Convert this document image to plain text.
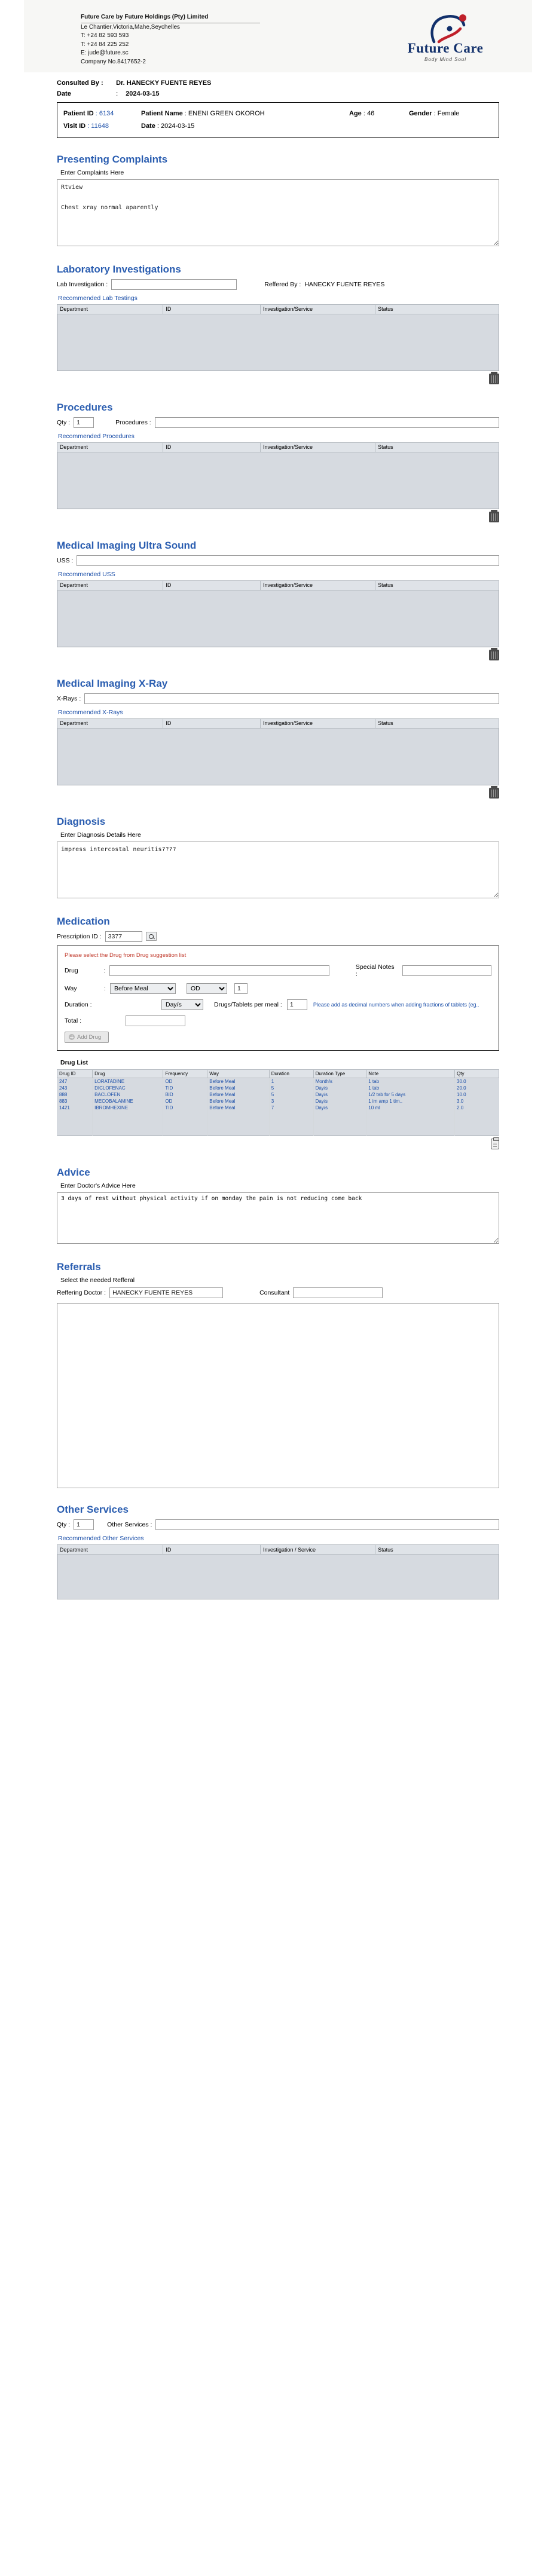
Future Care by Future Holdings (Pty) Limited
Le Chantier,Victoria,Mahe,Seychelles
T: +24 82 593 593
T: +24 84 225 252
E: jude@future.sc
Company No.8417652-2
Future Care
Body Mind Soul
Consulted By : Dr. HANECKY FUENTE REYES
Date	: 2024-03-15
Patient ID : 6134	Patient Name : ENENI GREEN OKOROH	Age : 46	Gender : Female
Visit ID : 11648	Date : 2024-03-15
Presenting Complaints
Enter Complaints Here
Rtview Chest xray normal aparently
Laboratory Investigations
Lab Investigation :	Reffered By : HANECKY FUENTE REYES
Recommended Lab Testings
Department	ID	Investigation/Service	Status
Procedures
Qty :
1	Procedures :
Recommended Procedures
Department	ID	Investigation/Service	Status
Medical Imaging Ultra Sound
USS :
Recommended USS
Department	ID	Investigation/Service	Status
Medical Imaging X-Ray
X-Rays :
Recommended X-Rays
Department	ID	Investigation/Service	Status
Diagnosis
Enter Diagnosis Details Here
impress intercostal neuritis????
Medication
Prescription ID :
3377
Please select the Drug from Drug suggestion list
Drug	:	Special Notes :
Way	:
Before Meal
OD
1
Duration :
Day/s	Drugs/Tablets per meal :
1	Please add as decimal numbers when adding fractions of tablets (eg..
Total :
Add Drug
Drug List
Drug ID	Drug	Frequency	Way	Duration	Duration Type	Note	Qty
247	LORATADINE	OD	Before Meal	1	Month/s	1 tab	30.0
243	DICLOFENAC	TID	Before Meal	5	Day/s	1 tab	20.0
888	BACLOFEN	BID	Before Meal	5	Day/s	1/2 tab for 5 days	10.0
883	MECOBALAMINE	OD	Before Meal	3	Day/s	1 im amp 1 tim..	3.0
1421	IBROMHEXINE	TID	Before Meal	7	Day/s	10 ml	2.0

Advice
Enter Doctor's Advice Here
3 days of rest without physical activity if on monday the pain is not reducing come back
Referrals
Select the needed Refferal
Reffering Doctor :
HANECKY FUENTE REYES	Consultant
Other Services
Qty :
1	Other Services :
Recommended Other Services
Department	ID	Investigation / Service	Status
